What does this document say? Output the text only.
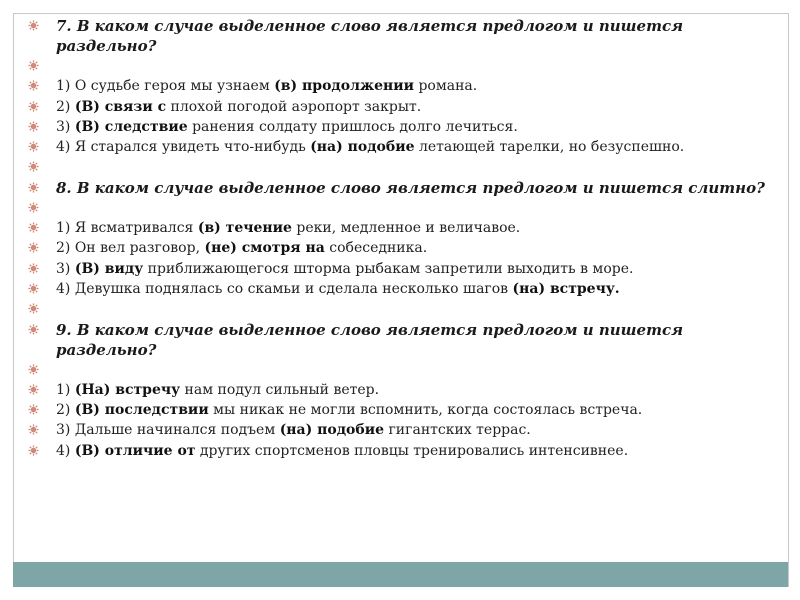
7. В каком случае выделенное слово является предлогом и пишется раздельно?
1) О судьбе героя мы узнаем (в) продолжении романа.
2) (В) связи с плохой погодой аэропорт закрыт.
3) (В) следствие ранения солдату пришлось долго лечиться.
4) Я старался увидеть что-нибудь (на) подобие летающей тарелки, но безуспешно.
8. В каком случае выделенное слово является предлогом и пишется слитно?
1) Я всматривался (в) течение реки, медленное и величавое.
2) Он вел разговор, (не) смотря на собеседника.
3) (В) виду приближающегося шторма рыбакам запретили выходить в море.
4) Девушка поднялась со скамьи и сделала несколько шагов (на) встречу.
9. В каком случае выделенное слово является предлогом и пишется раздельно?
1) (На) встречу нам подул сильный ветер.
2) (В) последствии мы никак не могли вспомнить, когда состоялась встреча.
3) Дальше начинался подъем (на) подобие гигантских террас.
4) (В) отличие от других спортсменов пловцы тренировались интенсивнее.
